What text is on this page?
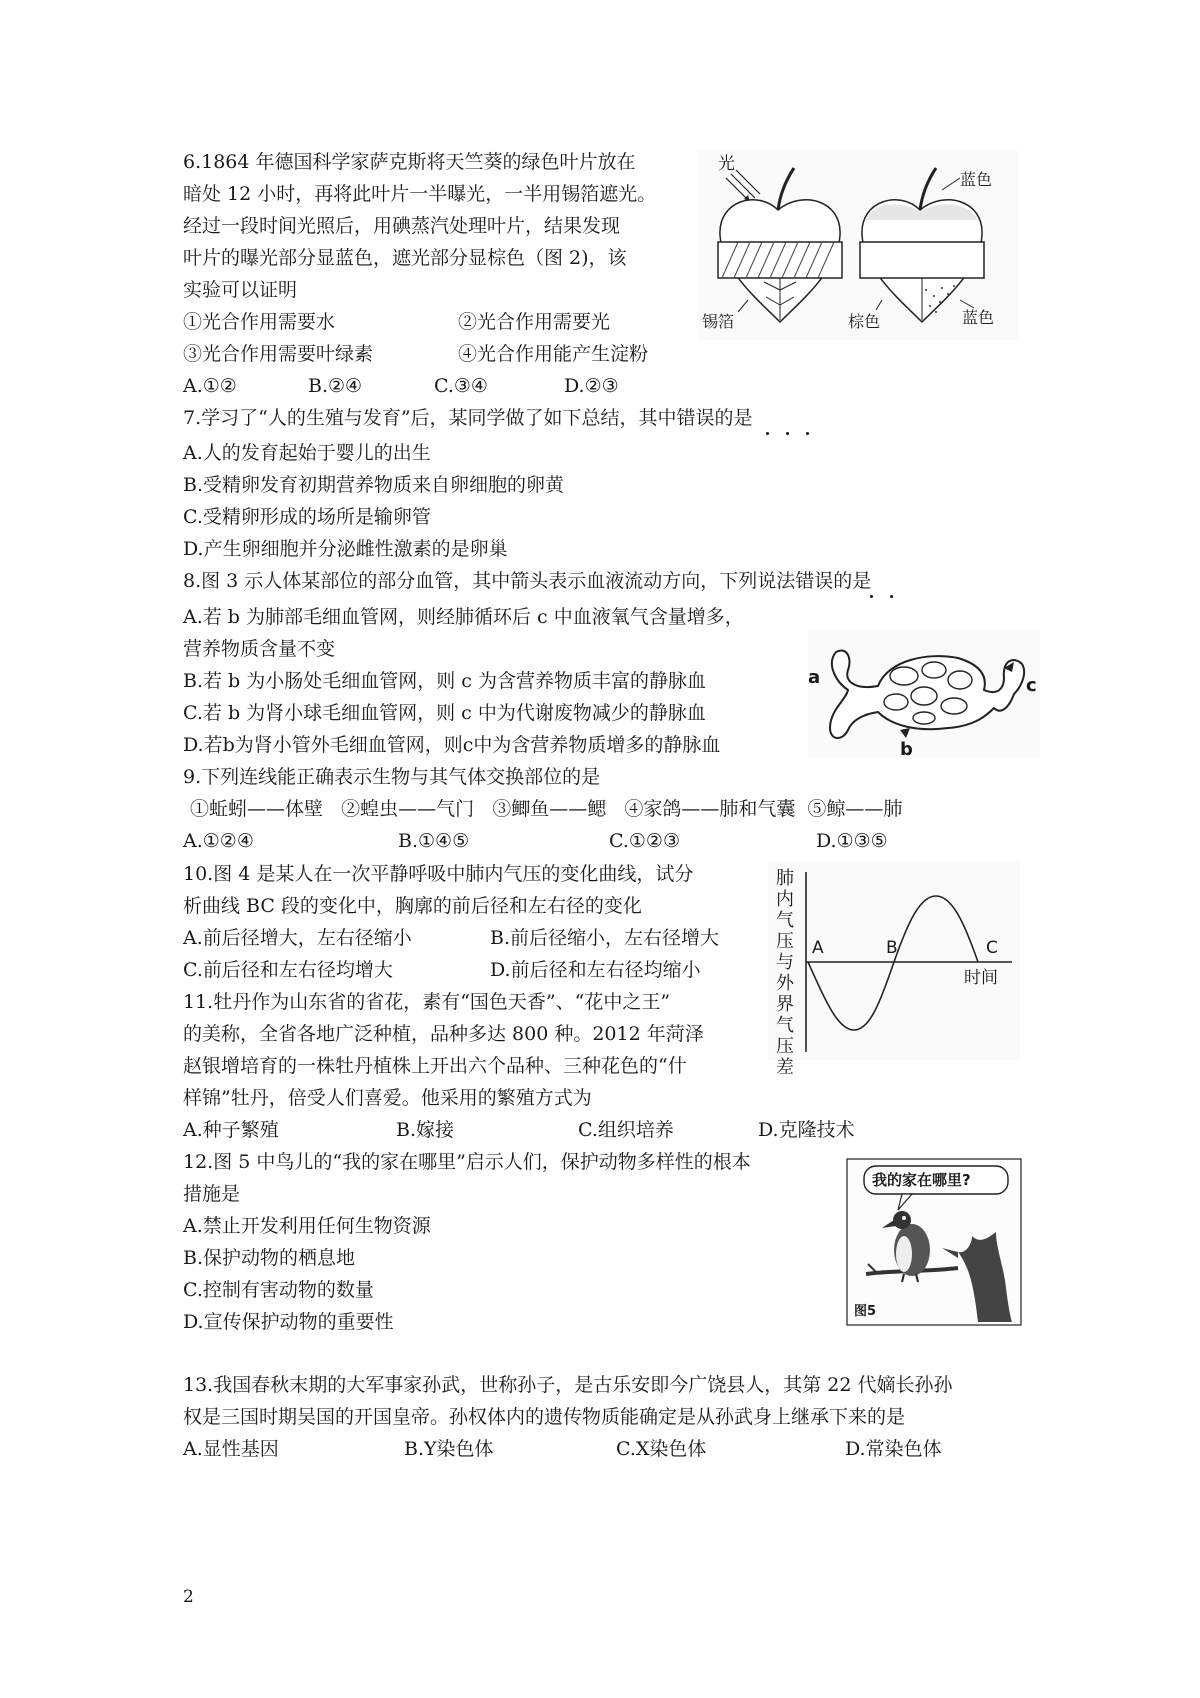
6.1864 年德国科学家萨克斯将天竺葵的绿色叶片放在
暗处 12 小时，再将此叶片一半曝光，一半用锡箔遮光。
经过一段时间光照后，用碘蒸汽处理叶片，结果发现
叶片的曝光部分显蓝色，遮光部分显棕色（图 2)，该
实验可以证明
①光合作用需要水	②光合作用需要光
③光合作用需要叶绿素	④光合作用能产生淀粉
A.①②	B.②④	C.③④	D.②③
光
蓝色
锡箔	棕色	蓝色
7.学习了“人的生殖与发育”后，某同学做了如下总结，其中错误的是
A.人的发育起始于婴儿的出生
B.受精卵发育初期营养物质来自卵细胞的卵黄
C.受精卵形成的场所是输卵管
D.产生卵细胞并分泌雌性激素的是卵巢
8.图 3 示人体某部位的部分血管，其中箭头表示血液流动方向，下列说法错误的是
A.若 b 为肺部毛细血管网，则经肺循环后 c 中血液氧气含量增多，
营养物质含量不变
B.若 b 为小肠处毛细血管网，则 c 为含营养物质丰富的静脉血
C.若 b 为肾小球毛细血管网，则 c 中为代谢废物减少的静脉血
D.若b为肾小管外毛细血管网，则c中为含营养物质增多的静脉血
a
b
c
9.下列连线能正确表示生物与其气体交换部位的是
①蚯蚓——体壁   ②蝗虫——气门   ③鲫鱼——鳃   ④家鸽——肺和气囊  ⑤鲸——肺
A.①②④	B.①④⑤	C.①②③	D.①③⑤
10.图 4 是某人在一次平静呼吸中肺内气压的变化曲线，试分
析曲线 BC 段的变化中，胸廓的前后径和左右径的变化
A.前后径增大，左右径缩小	B.前后径缩小，左右径增大
C.前后径和左右径均增大	D.前后径和左右径均缩小
肺内气压与外界气压差
A	B	C
时间
11.牡丹作为山东省的省花，素有“国色天香”、“花中之王”
的美称，全省各地广泛种植，品种多达 800 种。2012 年菏泽
赵银增培育的一株牡丹植株上开出六个品种、三种花色的“什
样锦”牡丹，倍受人们喜爱。他采用的繁殖方式为
A.种子繁殖	B.嫁接	C.组织培养	D.克隆技术
12.图 5 中鸟儿的“我的家在哪里”启示人们，保护动物多样性的根本
措施是
A.禁止开发利用任何生物资源
B.保护动物的栖息地
C.控制有害动物的数量
D.宣传保护动物的重要性
我的家在哪里?
图5
13.我国春秋末期的大军事家孙武，世称孙子，是古乐安即今广饶县人，其第 22 代嫡长孙孙
权是三国时期吴国的开国皇帝。孙权体内的遗传物质能确定是从孙武身上继承下来的是
A.显性基因	B.Y染色体	C.X染色体	D.常染色体
2
